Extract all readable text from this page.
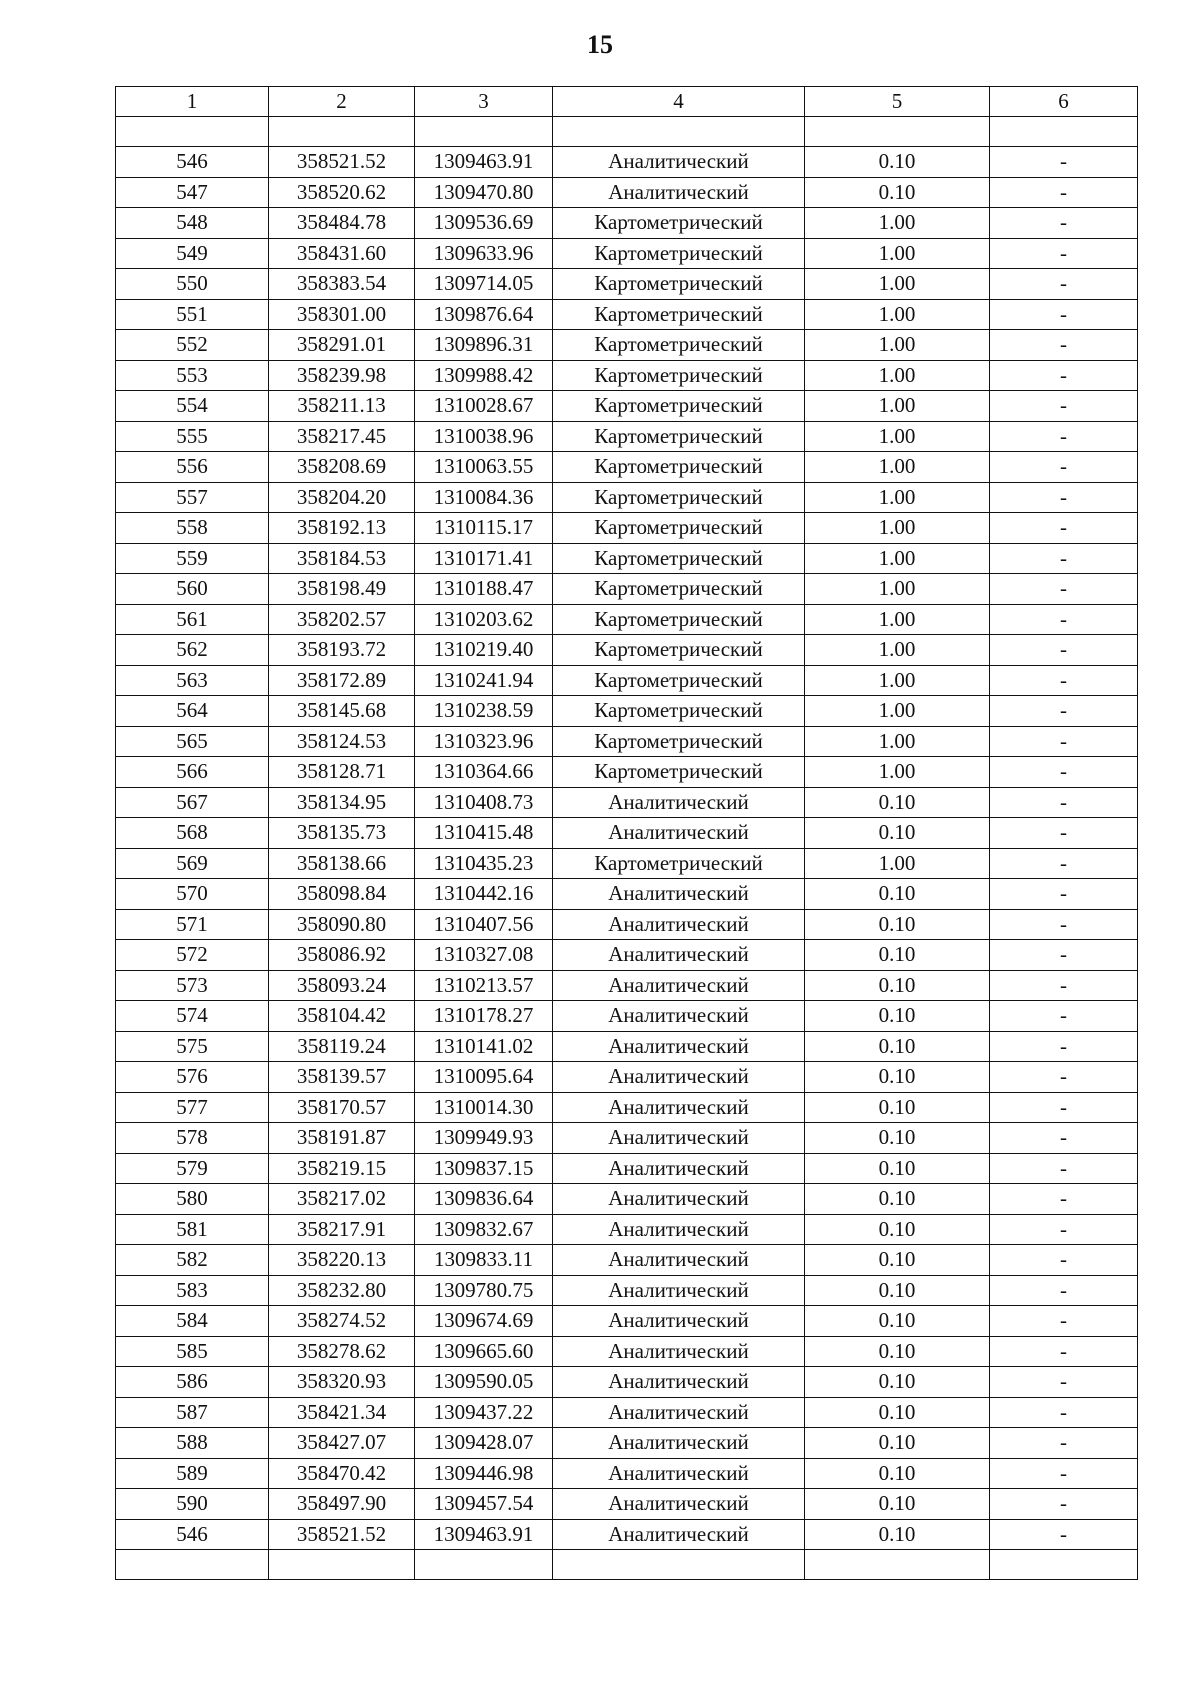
15
1	2	3	4	5	6

546	358521.52	1309463.91	Аналитический	0.10	-
547	358520.62	1309470.80	Аналитический	0.10	-
548	358484.78	1309536.69	Картометрический	1.00	-
549	358431.60	1309633.96	Картометрический	1.00	-
550	358383.54	1309714.05	Картометрический	1.00	-
551	358301.00	1309876.64	Картометрический	1.00	-
552	358291.01	1309896.31	Картометрический	1.00	-
553	358239.98	1309988.42	Картометрический	1.00	-
554	358211.13	1310028.67	Картометрический	1.00	-
555	358217.45	1310038.96	Картометрический	1.00	-
556	358208.69	1310063.55	Картометрический	1.00	-
557	358204.20	1310084.36	Картометрический	1.00	-
558	358192.13	1310115.17	Картометрический	1.00	-
559	358184.53	1310171.41	Картометрический	1.00	-
560	358198.49	1310188.47	Картометрический	1.00	-
561	358202.57	1310203.62	Картометрический	1.00	-
562	358193.72	1310219.40	Картометрический	1.00	-
563	358172.89	1310241.94	Картометрический	1.00	-
564	358145.68	1310238.59	Картометрический	1.00	-
565	358124.53	1310323.96	Картометрический	1.00	-
566	358128.71	1310364.66	Картометрический	1.00	-
567	358134.95	1310408.73	Аналитический	0.10	-
568	358135.73	1310415.48	Аналитический	0.10	-
569	358138.66	1310435.23	Картометрический	1.00	-
570	358098.84	1310442.16	Аналитический	0.10	-
571	358090.80	1310407.56	Аналитический	0.10	-
572	358086.92	1310327.08	Аналитический	0.10	-
573	358093.24	1310213.57	Аналитический	0.10	-
574	358104.42	1310178.27	Аналитический	0.10	-
575	358119.24	1310141.02	Аналитический	0.10	-
576	358139.57	1310095.64	Аналитический	0.10	-
577	358170.57	1310014.30	Аналитический	0.10	-
578	358191.87	1309949.93	Аналитический	0.10	-
579	358219.15	1309837.15	Аналитический	0.10	-
580	358217.02	1309836.64	Аналитический	0.10	-
581	358217.91	1309832.67	Аналитический	0.10	-
582	358220.13	1309833.11	Аналитический	0.10	-
583	358232.80	1309780.75	Аналитический	0.10	-
584	358274.52	1309674.69	Аналитический	0.10	-
585	358278.62	1309665.60	Аналитический	0.10	-
586	358320.93	1309590.05	Аналитический	0.10	-
587	358421.34	1309437.22	Аналитический	0.10	-
588	358427.07	1309428.07	Аналитический	0.10	-
589	358470.42	1309446.98	Аналитический	0.10	-
590	358497.90	1309457.54	Аналитический	0.10	-
546	358521.52	1309463.91	Аналитический	0.10	-
